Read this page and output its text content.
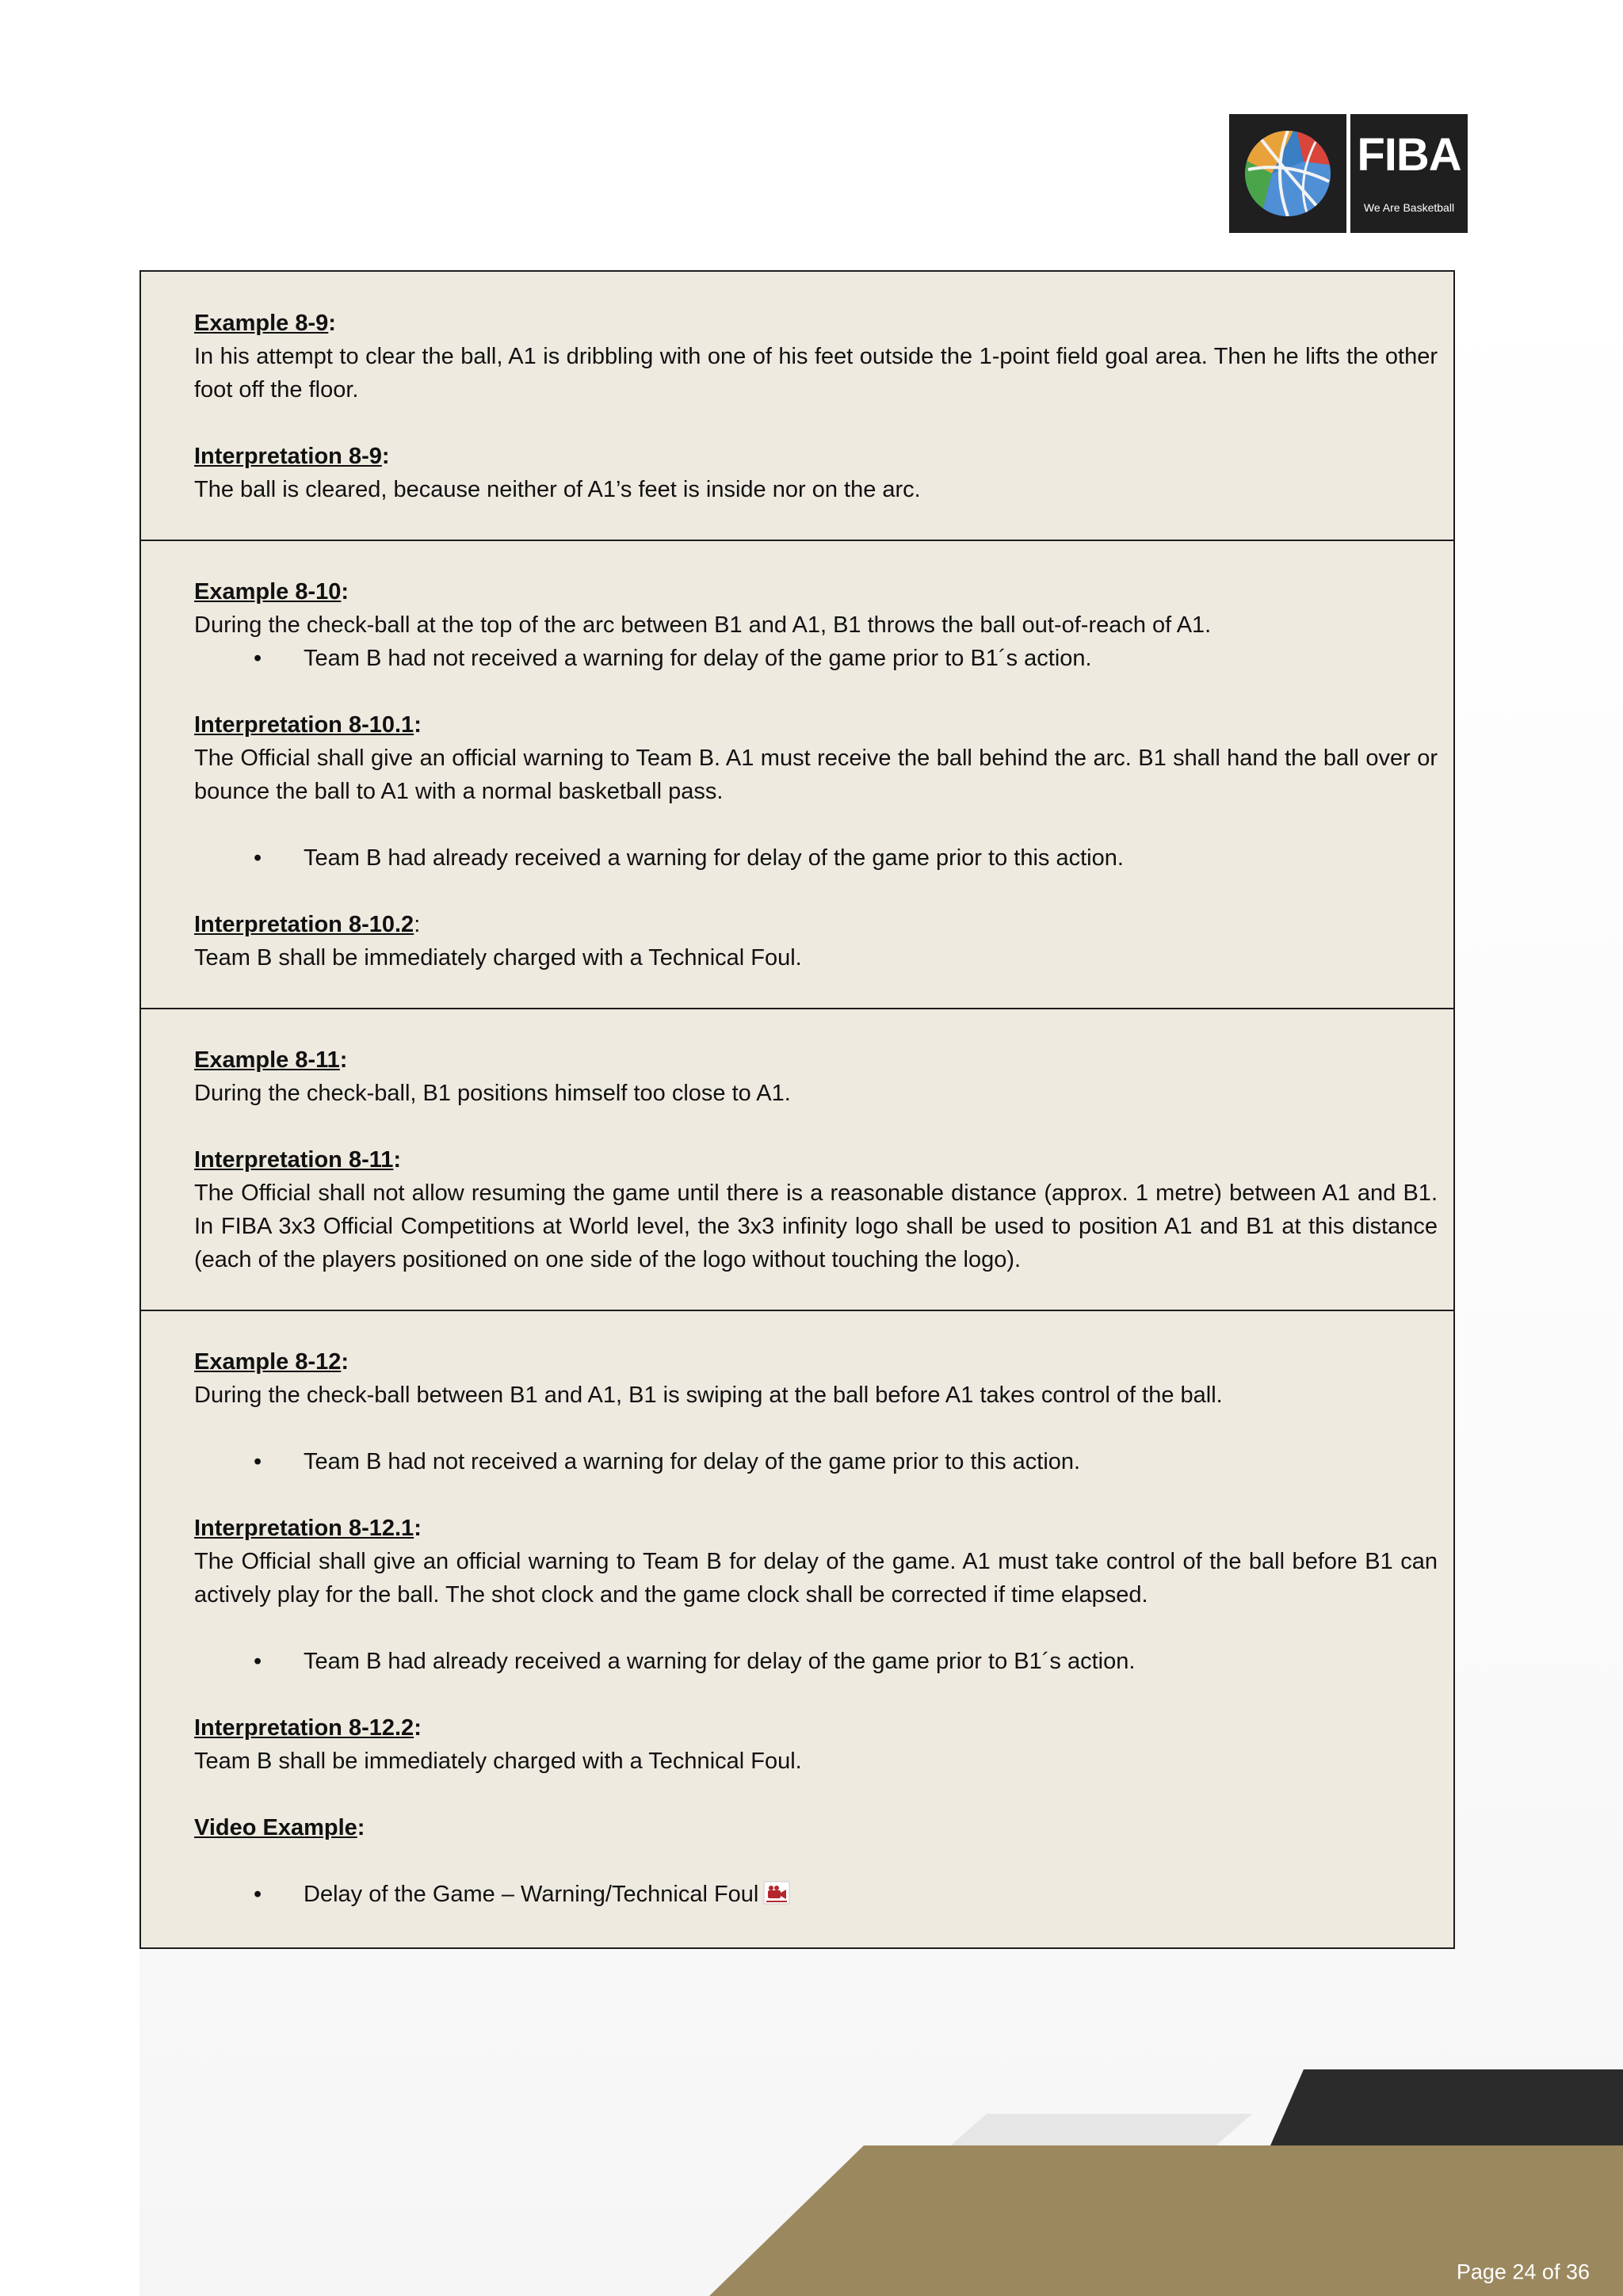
FIBA
We Are Basketball

Example 8-9:

In his attempt to clear the ball, A1 is dribbling with one of his feet outside the 1-point field goal area. Then he lifts the other foot off the floor.

Interpretation 8-9:

The ball is cleared, because neither of A1’s feet is inside nor on the arc.

Example 8-10:

During the check-ball at the top of the arc between B1 and A1, B1 throws the ball out-of-reach of A1.

• Team B had not received a warning for delay of the game prior to B1´s action.

Interpretation 8-10.1:

The Official shall give an official warning to Team B. A1 must receive the ball behind the arc. B1 shall hand the ball over or bounce the ball to A1 with a normal basketball pass.

• Team B had already received a warning for delay of the game prior to this action.

Interpretation 8-10.2:

Team B shall be immediately charged with a Technical Foul.

Example 8-11:

During the check-ball, B1 positions himself too close to A1.

Interpretation 8-11:

The Official shall not allow resuming the game until there is a reasonable distance (approx. 1 metre) between A1 and B1. In FIBA 3x3 Official Competitions at World level, the 3x3 infinity logo shall be used to position A1 and B1 at this distance (each of the players positioned on one side of the logo without touching the logo).

Example 8-12:

During the check-ball between B1 and A1, B1 is swiping at the ball before A1 takes control of the ball.

• Team B had not received a warning for delay of the game prior to this action.

Interpretation 8-12.1:

The Official shall give an official warning to Team B for delay of the game. A1 must take control of the ball before B1 can actively play for the ball. The shot clock and the game clock shall be corrected if time elapsed.

• Team B had already received a warning for delay of the game prior to B1´s action.

Interpretation 8-12.2:

Team B shall be immediately charged with a Technical Foul.

Video Example:

• Delay of the Game – Warning/Technical Foul

Page 24 of 36
